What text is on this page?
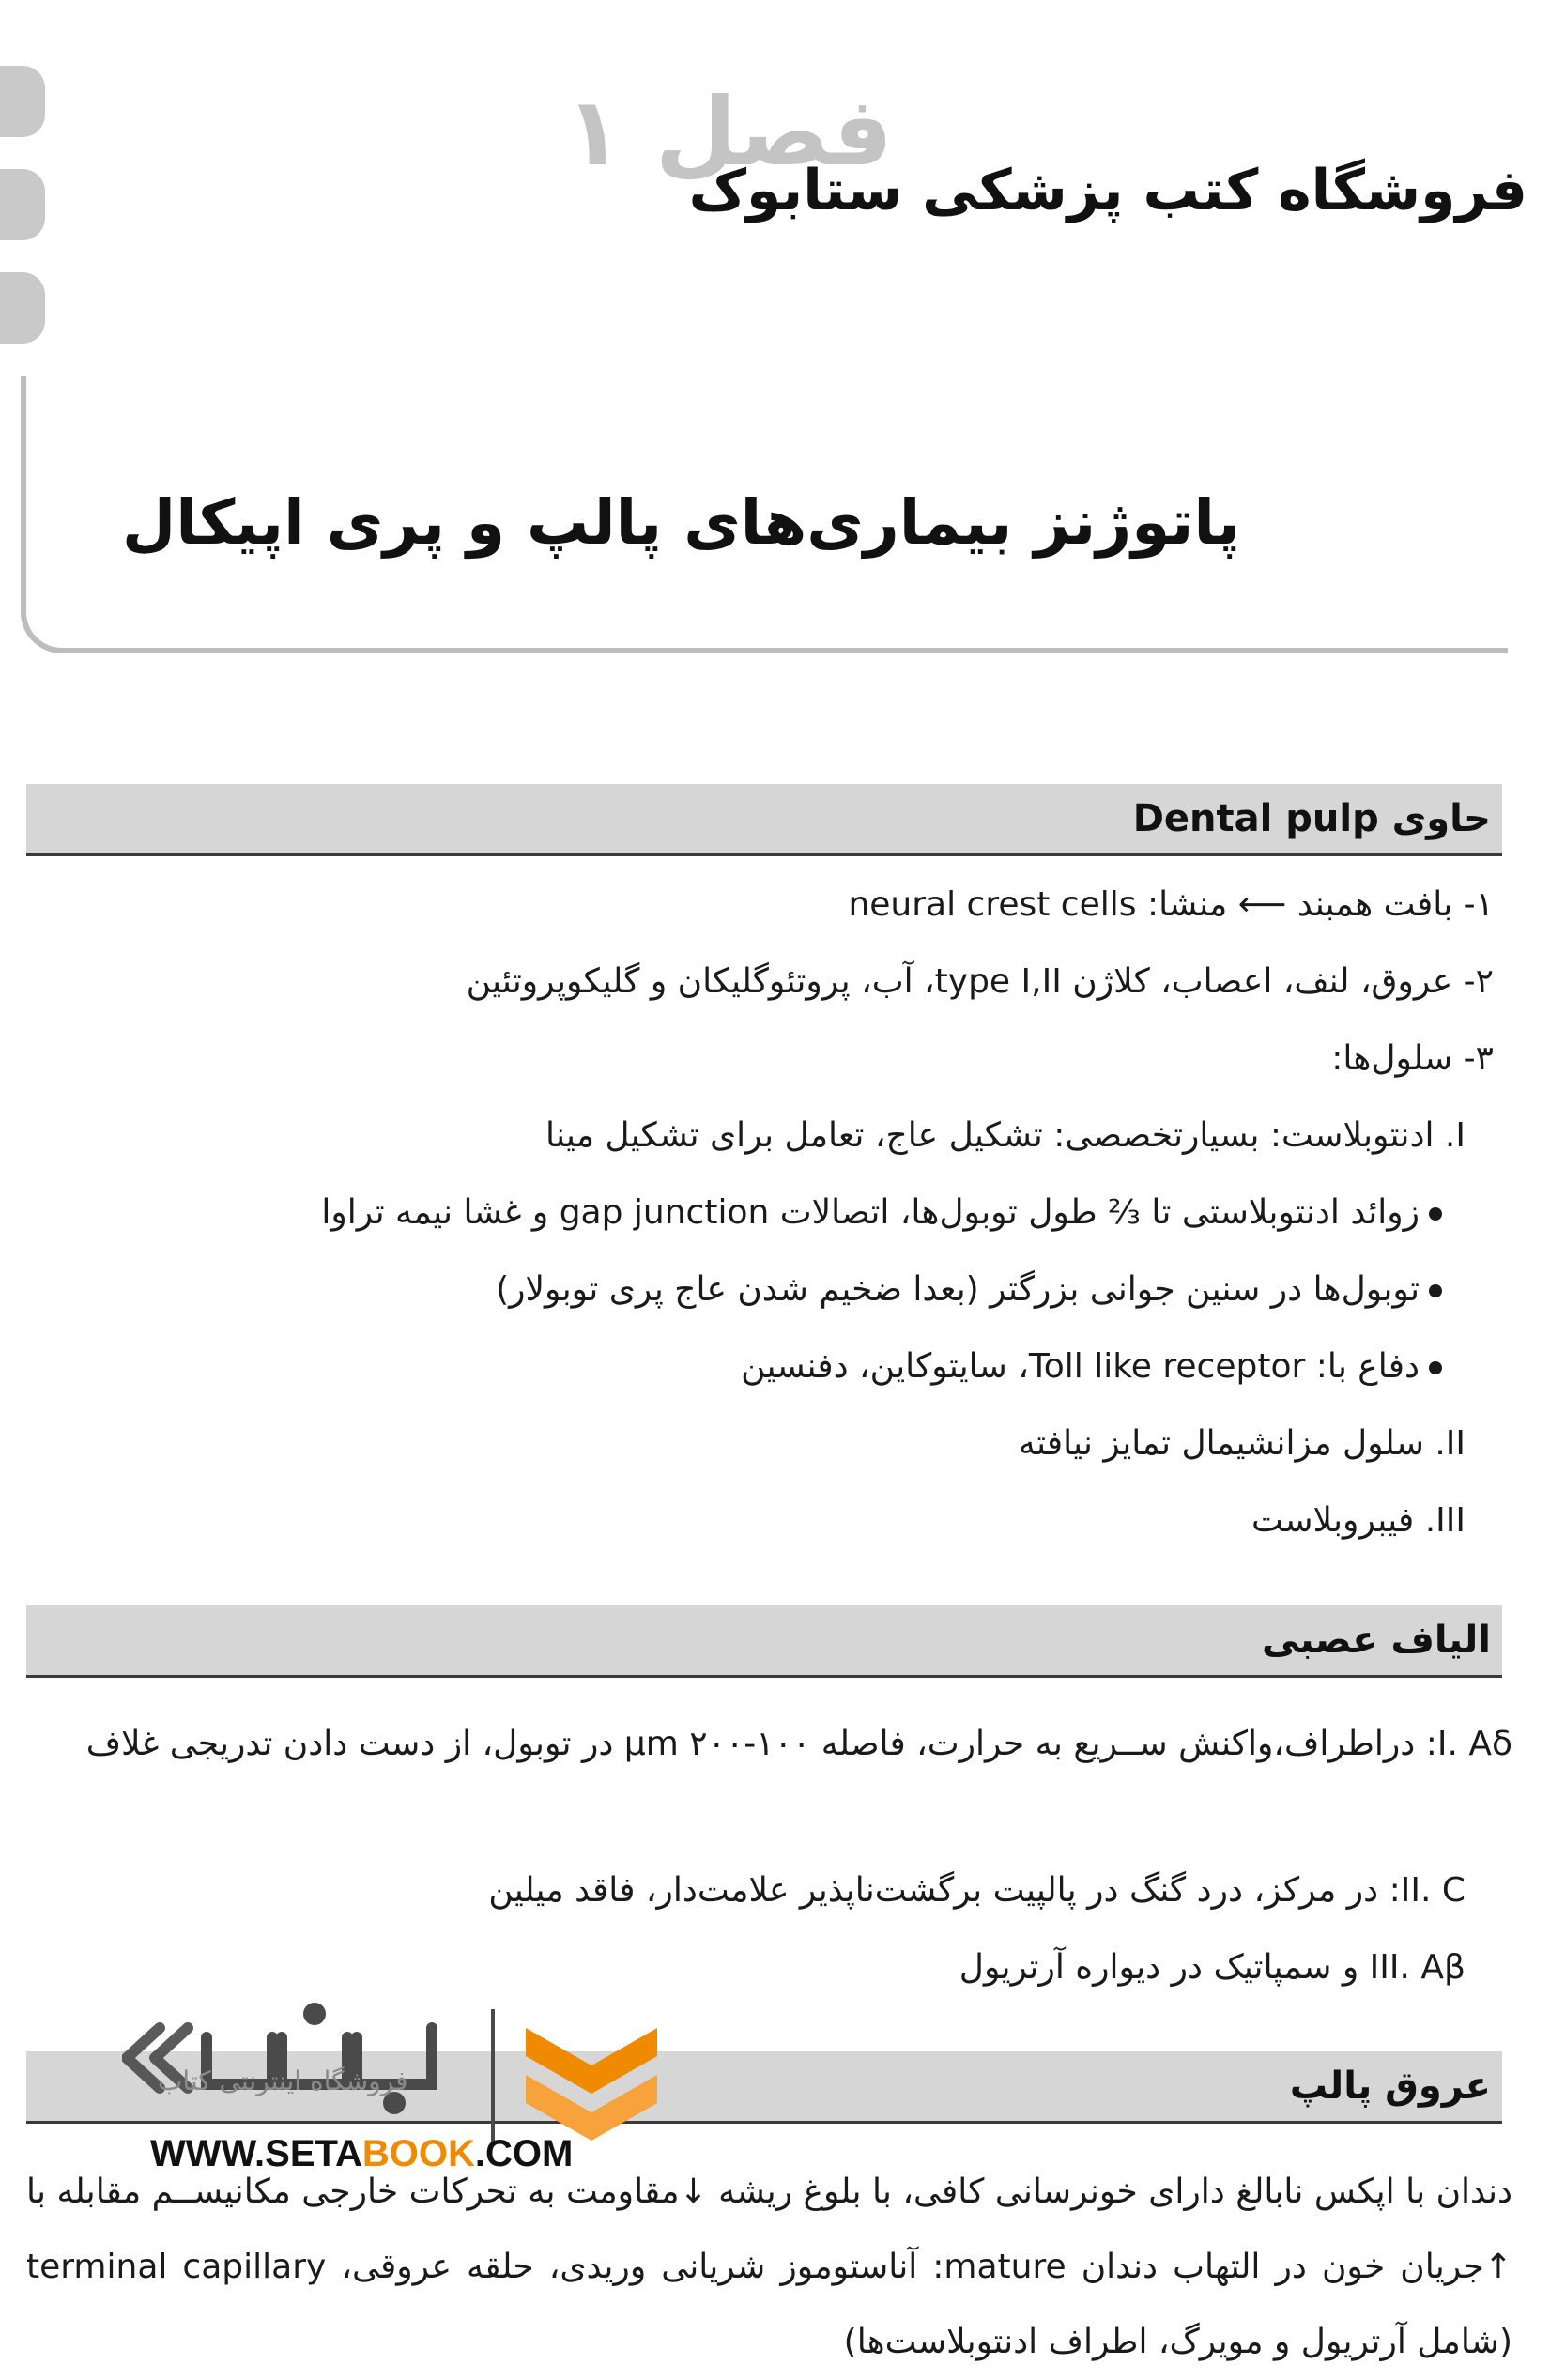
فصل ۱
فروشگاه کتب پزشکی ستابوک
پاتوژنز بیماری‌های پالپ و پری اپیکال
حاوی Dental pulp
۱- بافت همبند ⟵ منشا: neural crest cells
۲- عروق، لنف، اعصاب، کلاژن type I,II، آب، پروتئوگلیکان و گلیکوپروتئین
۳- سلول‌ها:
I. ادنتوبلاست: بسیارتخصصی: تشکیل عاج، تعامل برای تشکیل مینا
زوائد ادنتوبلاستی تا ⅔ طول توبول‌ها، اتصالات gap junction و غشا نیمه تراوا
توبول‌ها در سنین جوانی بزرگتر (بعدا ضخیم شدن عاج پری توبولار)
دفاع با: Toll like receptor، سایتوکاین، دفنسین
II. سلول مزانشیمال تمایز نیافته
III. فیبروبلاست
الیاف عصبی
I. Aδ: دراطراف،واکنش ســریع به حرارت، فاصله μm ۲۰۰-۱۰۰ در توبول، از دست دادن تدریجی غلاف
II. C: در مرکز، درد گنگ در پالپیت برگشت‌ناپذیر علامت‌دار، فاقد میلین
III. Aβ و سمپاتیک در دیواره آرتریول
عروق پالپ
دندان با اپکس نابالغ دارای خونرسانی کافی، با بلوغ ریشه ↓مقاومت به تحرکات خارجی مکانیســم مقابله با ↑جریان خون در التهاب دندان mature: آناستوموز شریانی وریدی، حلقه عروقی، terminal capillary (شامل آرتریول و مویرگ، اطراف ادنتوبلاست‌ها)
فروشگاه اینترنتی کتاب
WWW.SETABOOK.COM
